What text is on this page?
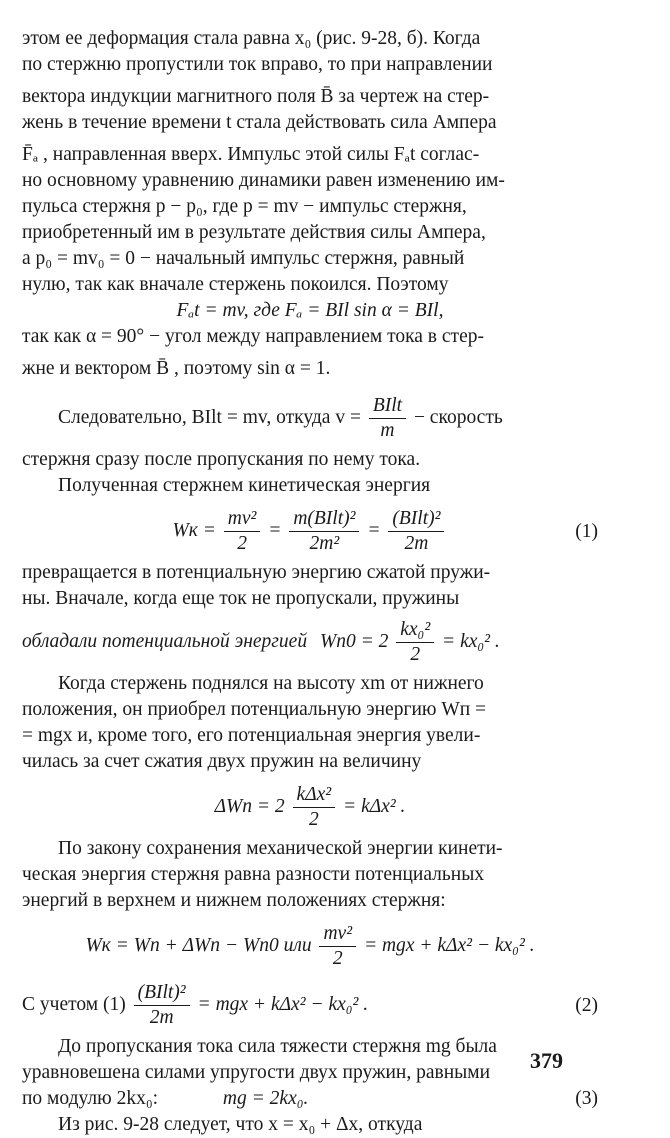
этом ее деформация стала равна x₀ (рис. 9-28, б). Когда

по стержню пропустили ток вправо, то при направлении

вектора индукции магнитного поля B̄ за чертеж на стер-

жень в течение времени t стала действовать сила Ампера

F̄ₐ , направленная вверх. Импульс этой силы Fₐt соглас-

но основному уравнению динамики равен изменению им-

пульса стержня p − p₀, где p = mv − импульс стержня,

приобретенный им в результате действия силы Ампера,

а p₀ = mv₀ = 0 − начальный импульс стержня, равный

нулю, так как вначале стержень покоился. Поэтому

Fₐt = mv, где Fₐ = BIl sin α = BIl,

так как α = 90° − угол между направлением тока в стер-

жне и вектором B̄ , поэтому sin α = 1.

Следовательно, BIlt = mv, откуда $v = \frac{\text{BIlt}}{m}$ − скорость

стержня сразу после пропускания по нему тока.

Полученная стержнем кинетическая энергия

Wк = $\frac{\text{mv²}}{2} = \frac{\text{m(BIlt)²}}{\text{2m²}} = \frac{\text{(BIlt)²}}{2m}$	(1)

превращается в потенциальную энергию сжатой пружи-

ны. Вначале, когда еще ток не пропускали, пружины

обладали потенциальной энергией $Wп0 = 2 \frac{\text{kx₀²}}{2} = kx_0^2$ .

Когда стержень поднялся на высоту xm от нижнего

положения, он приобрел потенциальную энергию Wп =

= mgx и, кроме того, его потенциальная энергия увели-

чилась за счет сжатия двух пружин на величину

$\Delta Wп = 2 \frac{\text{kΔx²}}{2} = k\Delta x^2$ .

По закону сохранения механической энергии кинети-

ческая энергия стержня равна разности потенциальных

энергий в верхнем и нижнем положениях стержня:

Wк = Wп + ΔWп − Wп0 или $\frac{\text{mv²}}{2}$ = mgx + kΔx² − kx₀² .
С учетом $(1) \frac{\text{(BIlt)²}}{2m}$ = mgx + kΔx² − kx₀² .	(2)

До пропускания тока сила тяжести стержня mg была

уравновешена силами упругости двух пружин, равными

по модулю 2kx₀:	mg = 2kx₀.	(3)

Из рис. 9-28 следует, что x = x₀ + Δx, откуда

379
